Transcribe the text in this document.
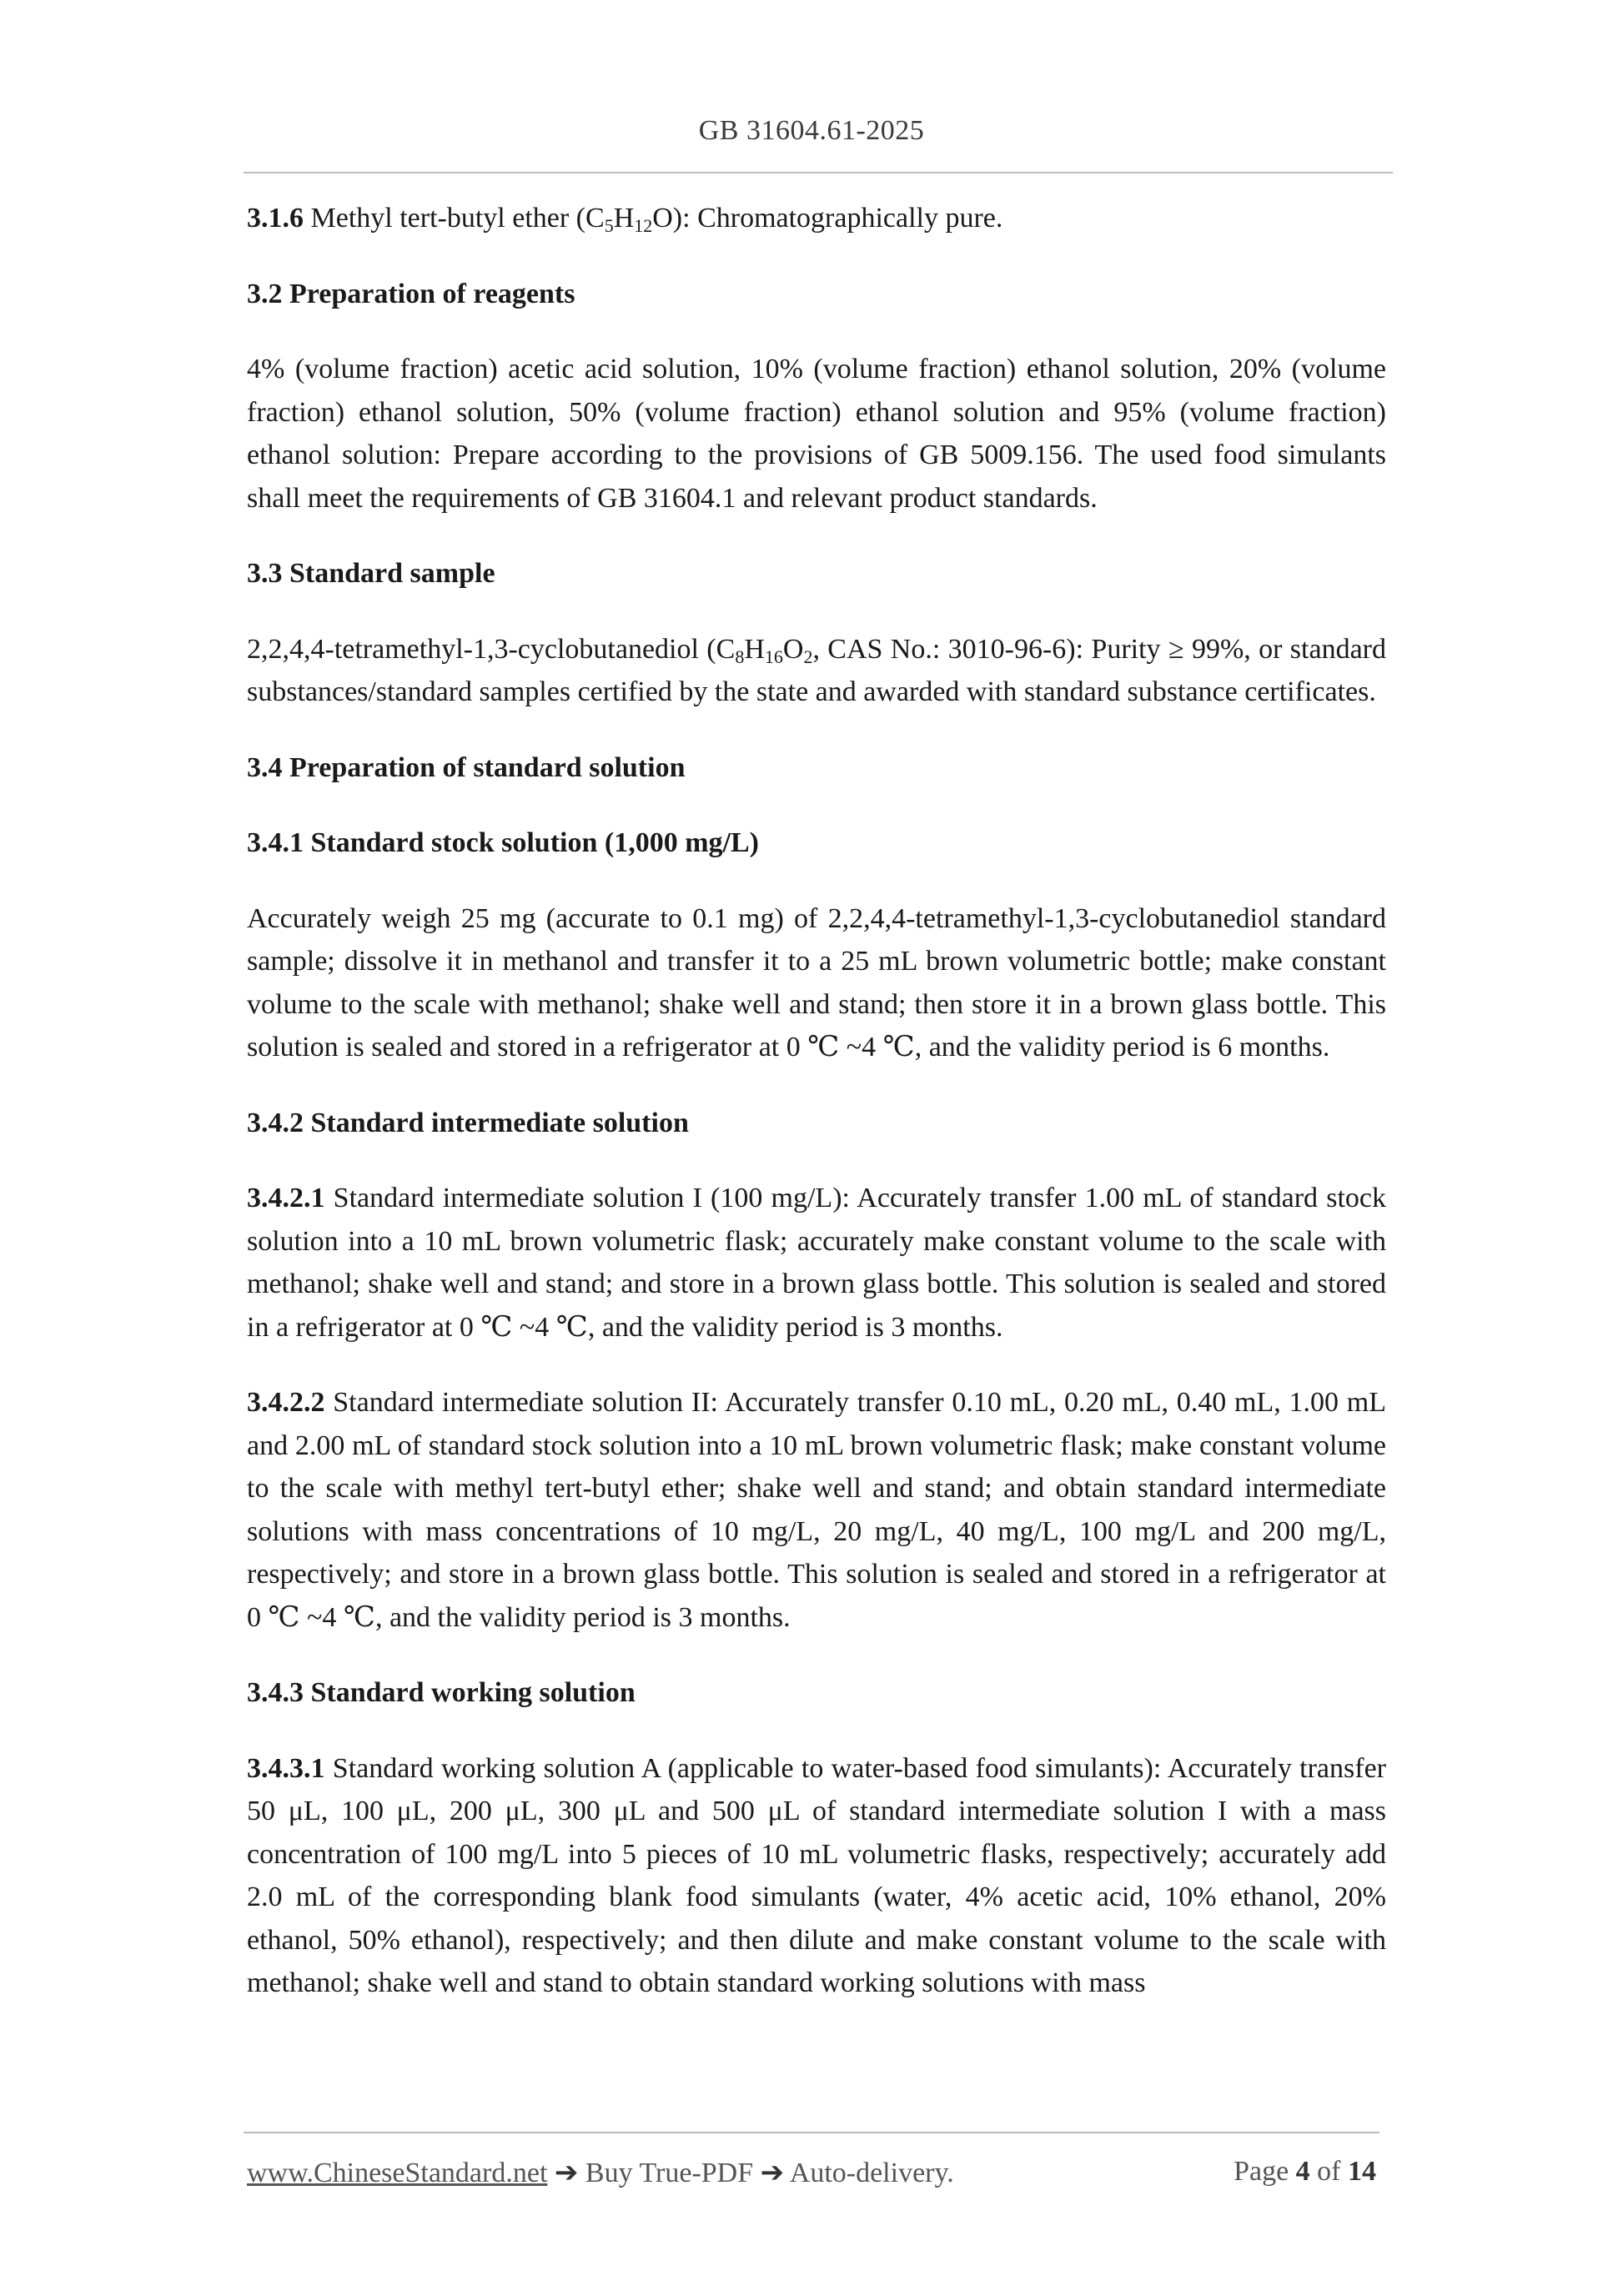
GB 31604.61-2025

3.1.6 Methyl tert-butyl ether $(C_5H_{12}O)$: Chromatographically pure.

3.2 Preparation of reagents

4% (volume fraction) acetic acid solution, 10% (volume fraction) ethanol solution, 20% (volume fraction) ethanol solution, 50% (volume fraction) ethanol solution and 95% (volume fraction) ethanol solution: Prepare according to the provisions of GB 5009.156. The used food simulants shall meet the requirements of GB 31604.1 and relevant product standards.

3.3 Standard sample

2,2,4,4-tetramethyl-1,3-cyclobutanediol ($C_8H_{16}O_2$, CAS No.: 3010-96-6): Purity ≥ 99%, or standard substances/standard samples certified by the state and awarded with standard substance certificates.

3.4 Preparation of standard solution

3.4.1 Standard stock solution (1,000 mg/L)

Accurately weigh 25 mg (accurate to 0.1 mg) of 2,2,4,4-tetramethyl-1,3-cyclobutanediol standard sample; dissolve it in methanol and transfer it to a 25 mL brown volumetric bottle; make constant volume to the scale with methanol; shake well and stand; then store it in a brown glass bottle. This solution is sealed and stored in a refrigerator at 0 ℃ ~4 ℃, and the validity period is 6 months.

3.4.2 Standard intermediate solution

3.4.2.1 Standard intermediate solution I (100 mg/L): Accurately transfer 1.00 mL of standard stock solution into a 10 mL brown volumetric flask; accurately make constant volume to the scale with methanol; shake well and stand; and store in a brown glass bottle. This solution is sealed and stored in a refrigerator at 0 ℃ ~4 ℃, and the validity period is 3 months.

3.4.2.2 Standard intermediate solution II: Accurately transfer 0.10 mL, 0.20 mL, 0.40 mL, 1.00 mL and 2.00 mL of standard stock solution into a 10 mL brown volumetric flask; make constant volume to the scale with methyl tert-butyl ether; shake well and stand; and obtain standard intermediate solutions with mass concentrations of 10 mg/L, 20 mg/L, 40 mg/L, 100 mg/L and 200 mg/L, respectively; and store in a brown glass bottle. This solution is sealed and stored in a refrigerator at 0 ℃ ~4 ℃, and the validity period is 3 months.

3.4.3 Standard working solution

3.4.3.1 Standard working solution A (applicable to water-based food simulants): Accurately transfer 50 μL, 100 μL, 200 μL, 300 μL and 500 μL of standard intermediate solution I with a mass concentration of 100 mg/L into 5 pieces of 10 mL volumetric flasks, respectively; accurately add 2.0 mL of the corresponding blank food simulants (water, 4% acetic acid, 10% ethanol, 20% ethanol, 50% ethanol), respectively; and then dilute and make constant volume to the scale with methanol; shake well and stand to obtain standard working solutions with mass

www.ChineseStandard.net ➔ Buy True-PDF ➔ Auto-delivery.	Page 4 of 14
